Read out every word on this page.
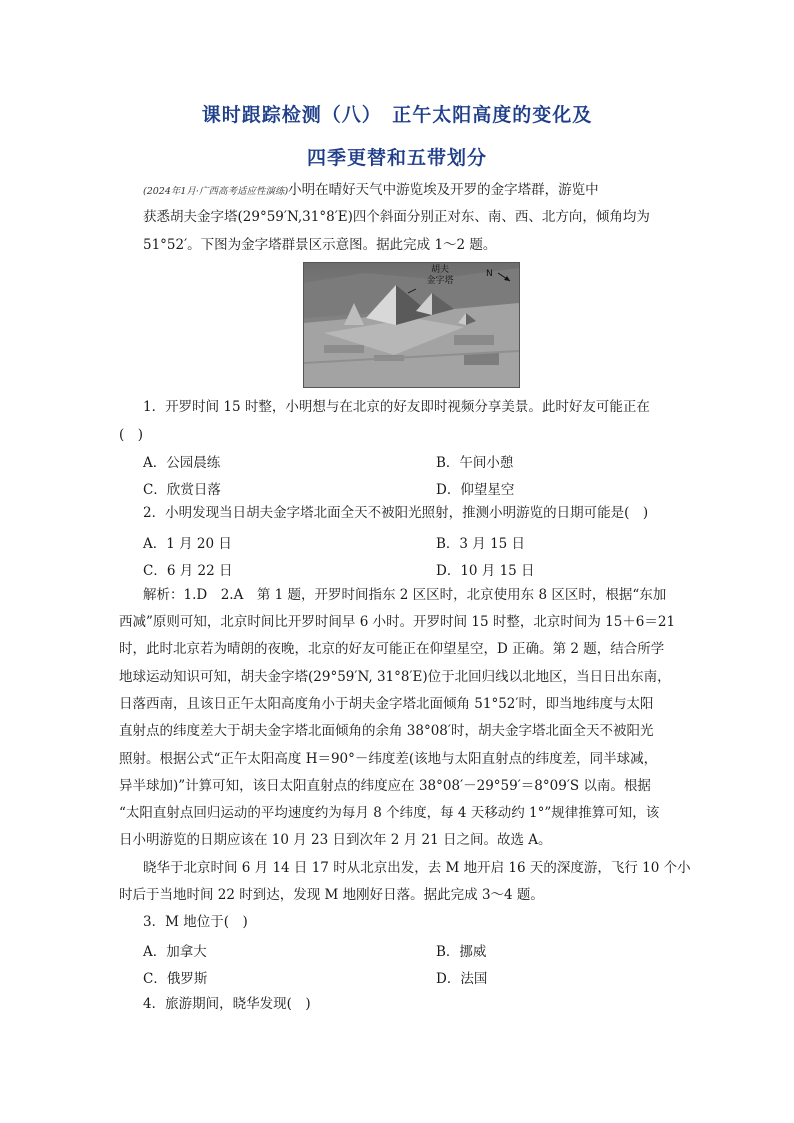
课时跟踪检测（八）　正午太阳高度的变化及
四季更替和五带划分
(2024年1月·广西高考适应性演练)小明在晴好天气中游览埃及开罗的金字塔群，游览中
获悉胡夫金字塔(29°59′N,31°8′E)四个斜面分别正对东、南、西、北方向，倾角均为
51°52′。下图为金字塔群景区示意图。据此完成 1～2 题。
胡夫
金字塔
N
1．开罗时间 15 时整，小明想与在北京的好友即时视频分享美景。此时好友可能正在
(　)
A．公园晨练	B．午间小憩
C．欣赏日落	D．仰望星空
2．小明发现当日胡夫金字塔北面全天不被阳光照射，推测小明游览的日期可能是(　)
A．1 月 20 日	B．3 月 15 日
C．6 月 22 日	D．10 月 15 日
解析：1.D　2.A　第 1 题，开罗时间指东 2 区区时，北京使用东 8 区区时，根据“东加
西减”原则可知，北京时间比开罗时间早 6 小时。开罗时间 15 时整，北京时间为 15＋6＝21
时，此时北京若为晴朗的夜晚，北京的好友可能正在仰望星空，D 正确。第 2 题，结合所学
地球运动知识可知，胡夫金字塔(29°59′N, 31°8′E)位于北回归线以北地区，当日日出东南，
日落西南，且该日正午太阳高度角小于胡夫金字塔北面倾角 51°52′时，即当地纬度与太阳
直射点的纬度差大于胡夫金字塔北面倾角的余角 38°08′时，胡夫金字塔北面全天不被阳光
照射。根据公式“正午太阳高度 H＝90°－纬度差(该地与太阳直射点的纬度差，同半球减，
异半球加)”计算可知，该日太阳直射点的纬度应在 38°08′－29°59′＝8°09′S 以南。根据
“太阳直射点回归运动的平均速度约为每月 8 个纬度，每 4 天移动约 1°”规律推算可知，该
日小明游览的日期应该在 10 月 23 日到次年 2 月 21 日之间。故选 A。
晓华于北京时间 6 月 14 日 17 时从北京出发，去 M 地开启 16 天的深度游，飞行 10 个小
时后于当地时间 22 时到达，发现 M 地刚好日落。据此完成 3～4 题。
3．M 地位于(　)
A．加拿大	B．挪威
C．俄罗斯	D．法国
4．旅游期间，晓华发现(　)
